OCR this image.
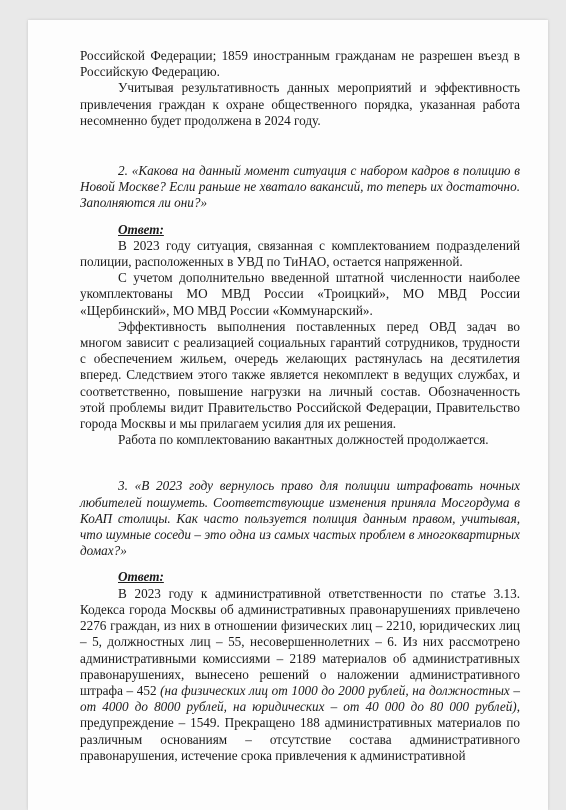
Российской Федерации; 1859 иностранным гражданам не разрешен въезд в Российскую Федерацию.

Учитывая результативность данных мероприятий и эффективность привлечения граждан к охране общественного порядка, указанная работа несомненно будет продолжена в 2024 году.

2. «Какова на данный момент ситуация с набором кадров в полицию в Новой Москве? Если раньше не хватало вакансий, то теперь их достаточно. Заполняются ли они?»

Ответ:

В 2023 году ситуация, связанная с комплектованием подразделений полиции, расположенных в УВД по ТиНАО, остается напряженной.

С учетом дополнительно введенной штатной численности наиболее укомплектованы МО МВД России «Троицкий», МО МВД России «Щербинский», МО МВД России «Коммунарский».

Эффективность выполнения поставленных перед ОВД задач во многом зависит с реализацией социальных гарантий сотрудников, трудности с обеспечением жильем, очередь желающих растянулась на десятилетия вперед. Следствием этого также является некомплект в ведущих службах, и соответственно, повышение нагрузки на личный состав. Обозначенность этой проблемы видит Правительство Российской Федерации, Правительство города Москвы и мы прилагаем усилия для их решения.

Работа по комплектованию вакантных должностей продолжается.

3. «В 2023 году вернулось право для полиции штрафовать ночных любителей пошуметь. Соответствующие изменения приняла Мосгордума в КоАП столицы. Как часто пользуется полиция данным правом, учитывая, что шумные соседи – это одна из самых частых проблем в многоквартирных домах?»

Ответ:

В 2023 году к административной ответственности по статье 3.13. Кодекса города Москвы об административных правонарушениях привлечено 2276 граждан, из них в отношении физических лиц – 2210, юридических лиц – 5, должностных лиц – 55, несовершеннолетних – 6. Из них рассмотрено административными комиссиями – 2189 материалов об административных правонарушениях, вынесено решений о наложении административного штрафа – 452 (на физических лиц от 1000 до 2000 рублей, на должностных – от 4000 до 8000 рублей, на юридических – от 40 000 до 80 000 рублей), предупреждение – 1549. Прекращено 188 административных материалов по различным основаниям – отсутствие состава административного правонарушения, истечение срока привлечения к административной
